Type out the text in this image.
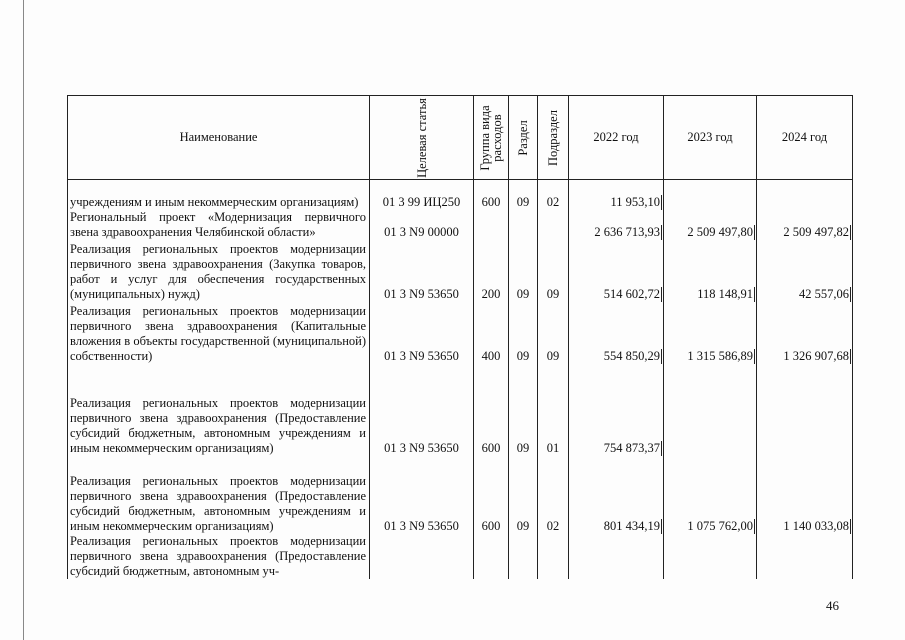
Наименование	Целевая статья	Группа вида расходов	Раздел	Подраздел	2022 год	2023 год	2024 год
учреждениям и иным некоммерческим организациям)	01 3 99 ИЦ250	600	09	02	11 953,10		
Региональный проект «Модернизация первичного звена здравоохранения Челябинской области»	01 3 N9 00000				2 636 713,93	2 509 497,80	2 509 497,82
Реализация региональных проектов модернизации первичного звена здравоохранения (Закупка товаров, работ и услуг для обеспечения государственных (муниципальных) нужд)	01 3 N9 53650	200	09	09	514 602,72	118 148,91	42 557,06
Реализация региональных проектов модернизации первичного звена здравоохранения (Капитальные вложения в объекты государственной (муниципальной) собственности)	01 3 N9 53650	400	09	09	554 850,29	1 315 586,89	1 326 907,68
Реализация региональных проектов модернизации первичного звена здравоохранения (Предоставление субсидий бюджетным, автономным учреждениям и иным некоммерческим организациям)	01 3 N9 53650	600	09	01	754 873,37		
Реализация региональных проектов модернизации первичного звена здравоохранения (Предоставление субсидий бюджетным, автономным учреждениям и иным некоммерческим организациям)	01 3 N9 53650	600	09	02	801 434,19	1 075 762,00	1 140 033,08
Реализация региональных проектов модернизации первичного звена здравоохранения (Предоставление субсидий бюджетным, автономным уч-							
46
